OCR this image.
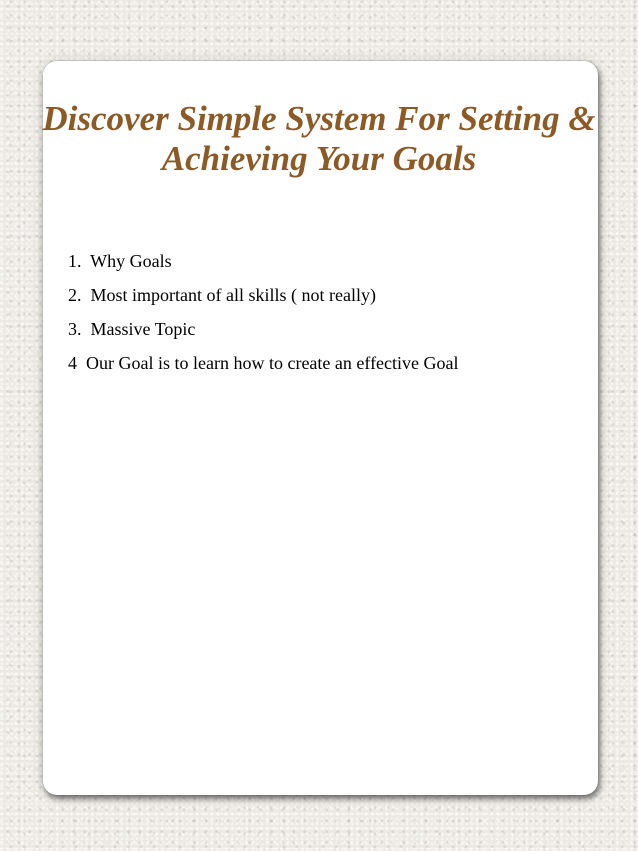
Discover Simple System For Setting &
Achieving Your Goals
1.  Why Goals
2.  Most important of all skills ( not really)
3.  Massive Topic
4  Our Goal is to learn how to create an effective Goal
